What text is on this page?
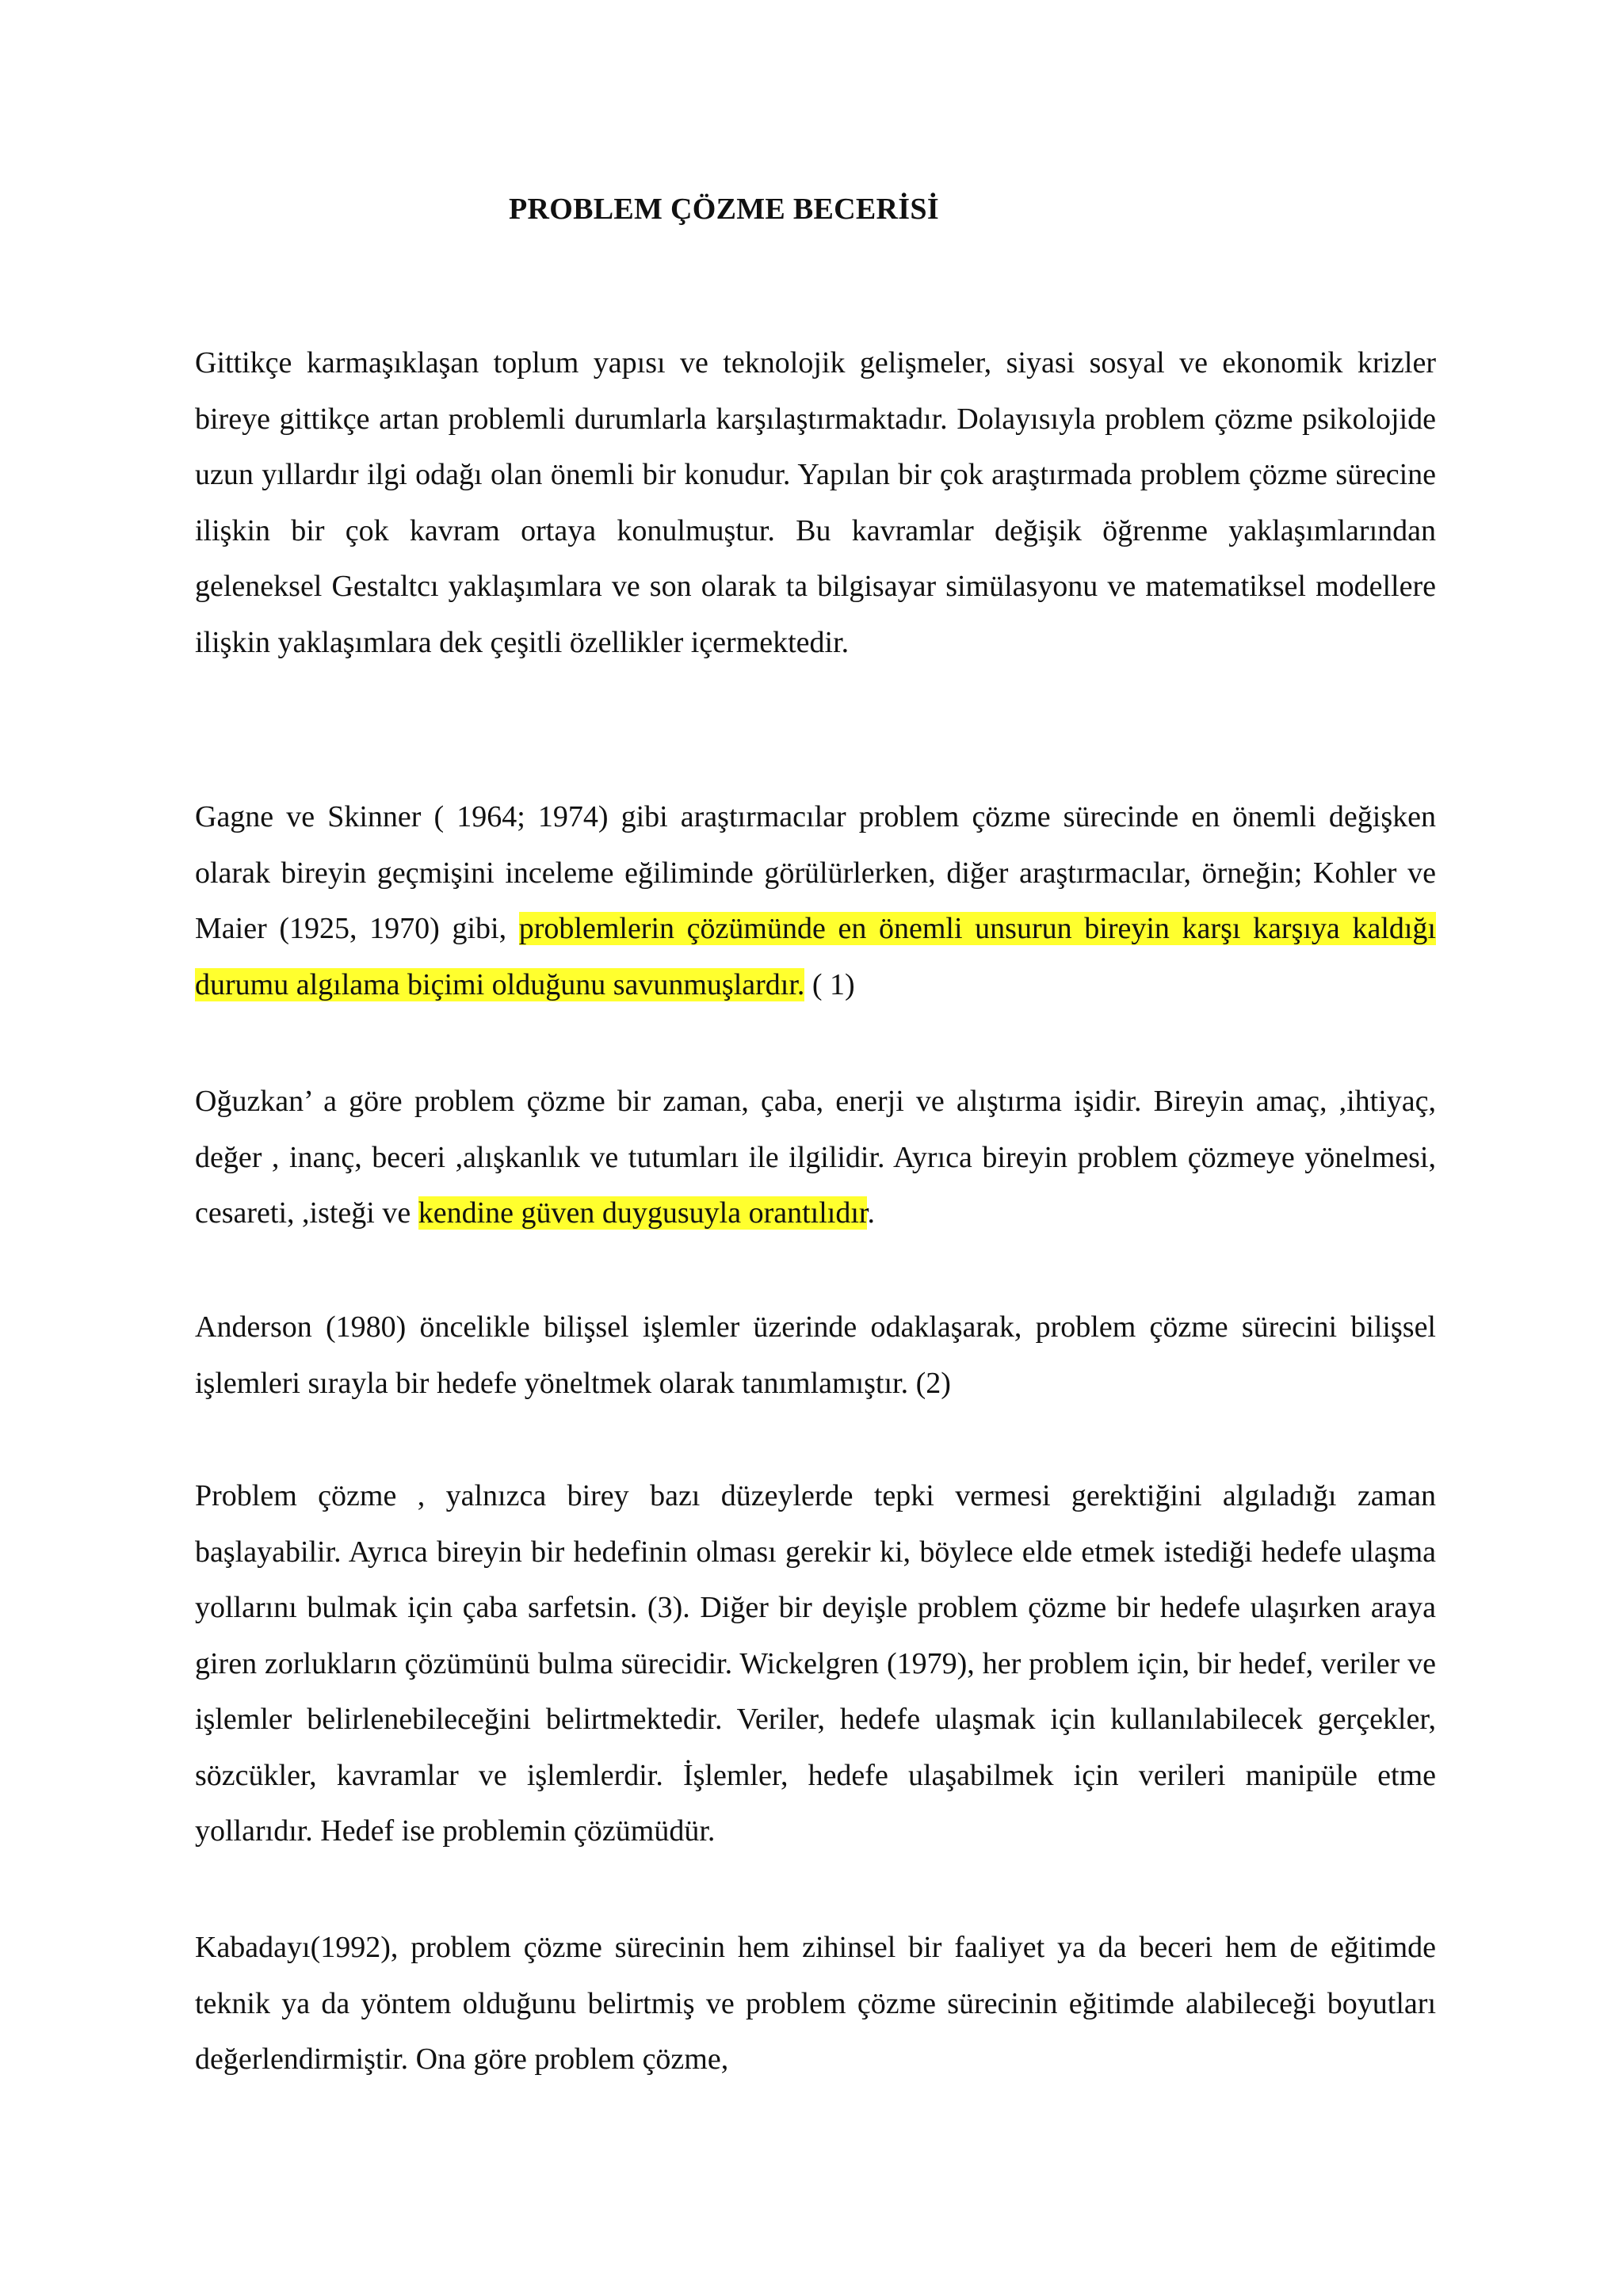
PROBLEM ÇÖZME BECERİSİ

Gittikçe karmaşıklaşan toplum yapısı ve teknolojik gelişmeler, siyasi sosyal ve ekonomik krizler bireye gittikçe artan problemli durumlarla karşılaştırmaktadır. Dolayısıyla problem çözme psikolojide uzun yıllardır ilgi odağı olan önemli bir konudur. Yapılan bir çok araştırmada problem çözme sürecine ilişkin bir çok kavram ortaya konulmuştur. Bu kavramlar değişik öğrenme yaklaşımlarından geleneksel Gestaltcı yaklaşımlara ve son olarak ta bilgisayar simülasyonu ve matematiksel modellere ilişkin yaklaşımlara dek çeşitli özellikler içermektedir.

Gagne ve Skinner ( 1964; 1974) gibi araştırmacılar problem çözme sürecinde en önemli değişken olarak bireyin geçmişini inceleme eğiliminde görülürlerken, diğer araştırmacılar, örneğin; Kohler ve Maier (1925, 1970) gibi, problemlerin çözümünde en önemli unsurun bireyin karşı karşıya kaldığı durumu algılama biçimi olduğunu savunmuşlardır. ( 1)

Oğuzkan’ a göre problem çözme bir zaman, çaba, enerji ve alıştırma işidir. Bireyin amaç, ,ihtiyaç, değer , inanç, beceri ,alışkanlık ve tutumları ile ilgilidir. Ayrıca bireyin problem çözmeye yönelmesi, cesareti, ,isteği ve kendine güven duygusuyla orantılıdır.

Anderson (1980) öncelikle bilişsel işlemler üzerinde odaklaşarak, problem çözme sürecini bilişsel işlemleri sırayla bir hedefe yöneltmek olarak tanımlamıştır. (2)

Problem çözme , yalnızca birey bazı düzeylerde tepki vermesi gerektiğini algıladığı zaman başlayabilir. Ayrıca bireyin bir hedefinin olması gerekir ki, böylece elde etmek istediği hedefe ulaşma yollarını bulmak için çaba sarfetsin. (3). Diğer bir deyişle problem çözme bir hedefe ulaşırken araya giren zorlukların çözümünü bulma sürecidir. Wickelgren (1979), her problem için, bir hedef, veriler ve işlemler belirlenebileceğini belirtmektedir. Veriler, hedefe ulaşmak için kullanılabilecek gerçekler, sözcükler, kavramlar ve işlemlerdir. İşlemler, hedefe ulaşabilmek için verileri manipüle etme yollarıdır. Hedef ise problemin çözümüdür.

Kabadayı(1992), problem çözme sürecinin hem zihinsel bir faaliyet ya da beceri hem de eğitimde teknik ya da yöntem olduğunu belirtmiş ve problem çözme sürecinin eğitimde alabileceği boyutları değerlendirmiştir. Ona göre problem çözme,
